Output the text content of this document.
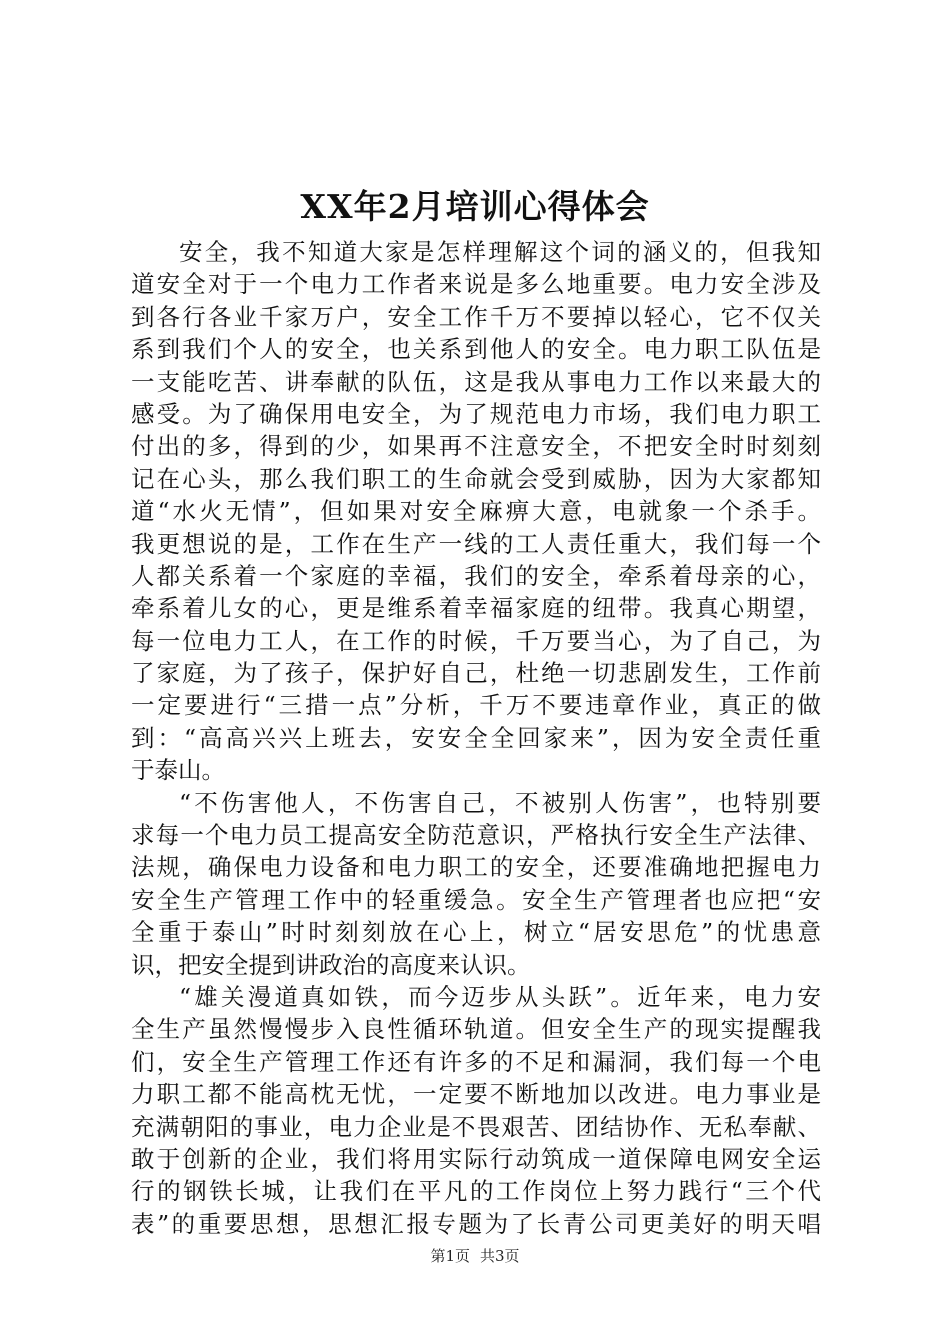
XX年2月培训心得体会
安全，我不知道大家是怎样理解这个词的涵义的，但我知
道安全对于一个电力工作者来说是多么地重要。电力安全涉及
到各行各业千家万户，安全工作千万不要掉以轻心，它不仅关
系到我们个人的安全，也关系到他人的安全。电力职工队伍是
一支能吃苦、讲奉献的队伍，这是我从事电力工作以来最大的
感受。为了确保用电安全，为了规范电力市场，我们电力职工
付出的多，得到的少，如果再不注意安全，不把安全时时刻刻
记在心头，那么我们职工的生命就会受到威胁，因为大家都知
道“水火无情”，但如果对安全麻痹大意，电就象一个杀手。
我更想说的是，工作在生产一线的工人责任重大，我们每一个
人都关系着一个家庭的幸福，我们的安全，牵系着母亲的心，
牵系着儿女的心，更是维系着幸福家庭的纽带。我真心期望，
每一位电力工人，在工作的时候，千万要当心，为了自己，为
了家庭，为了孩子，保护好自己，杜绝一切悲剧发生，工作前
一定要进行“三措一点”分析，千万不要违章作业，真正的做
到：“高高兴兴上班去，安安全全回家来”，因为安全责任重
于泰山。
“不伤害他人，不伤害自己，不被别人伤害”，也特别要
求每一个电力员工提高安全防范意识，严格执行安全生产法律、
法规，确保电力设备和电力职工的安全，还要准确地把握电力
安全生产管理工作中的轻重缓急。安全生产管理者也应把“安
全重于泰山”时时刻刻放在心上，树立“居安思危”的忧患意
识，把安全提到讲政治的高度来认识。
“雄关漫道真如铁，而今迈步从头跃”。近年来，电力安
全生产虽然慢慢步入良性循环轨道。但安全生产的现实提醒我
们，安全生产管理工作还有许多的不足和漏洞，我们每一个电
力职工都不能高枕无忧，一定要不断地加以改进。电力事业是
充满朝阳的事业，电力企业是不畏艰苦、团结协作、无私奉献、
敢于创新的企业，我们将用实际行动筑成一道保障电网安全运
行的钢铁长城，让我们在平凡的工作岗位上努力践行“三个代
表”的重要思想，思想汇报专题为了长青公司更美好的明天唱
第1页 共3页
